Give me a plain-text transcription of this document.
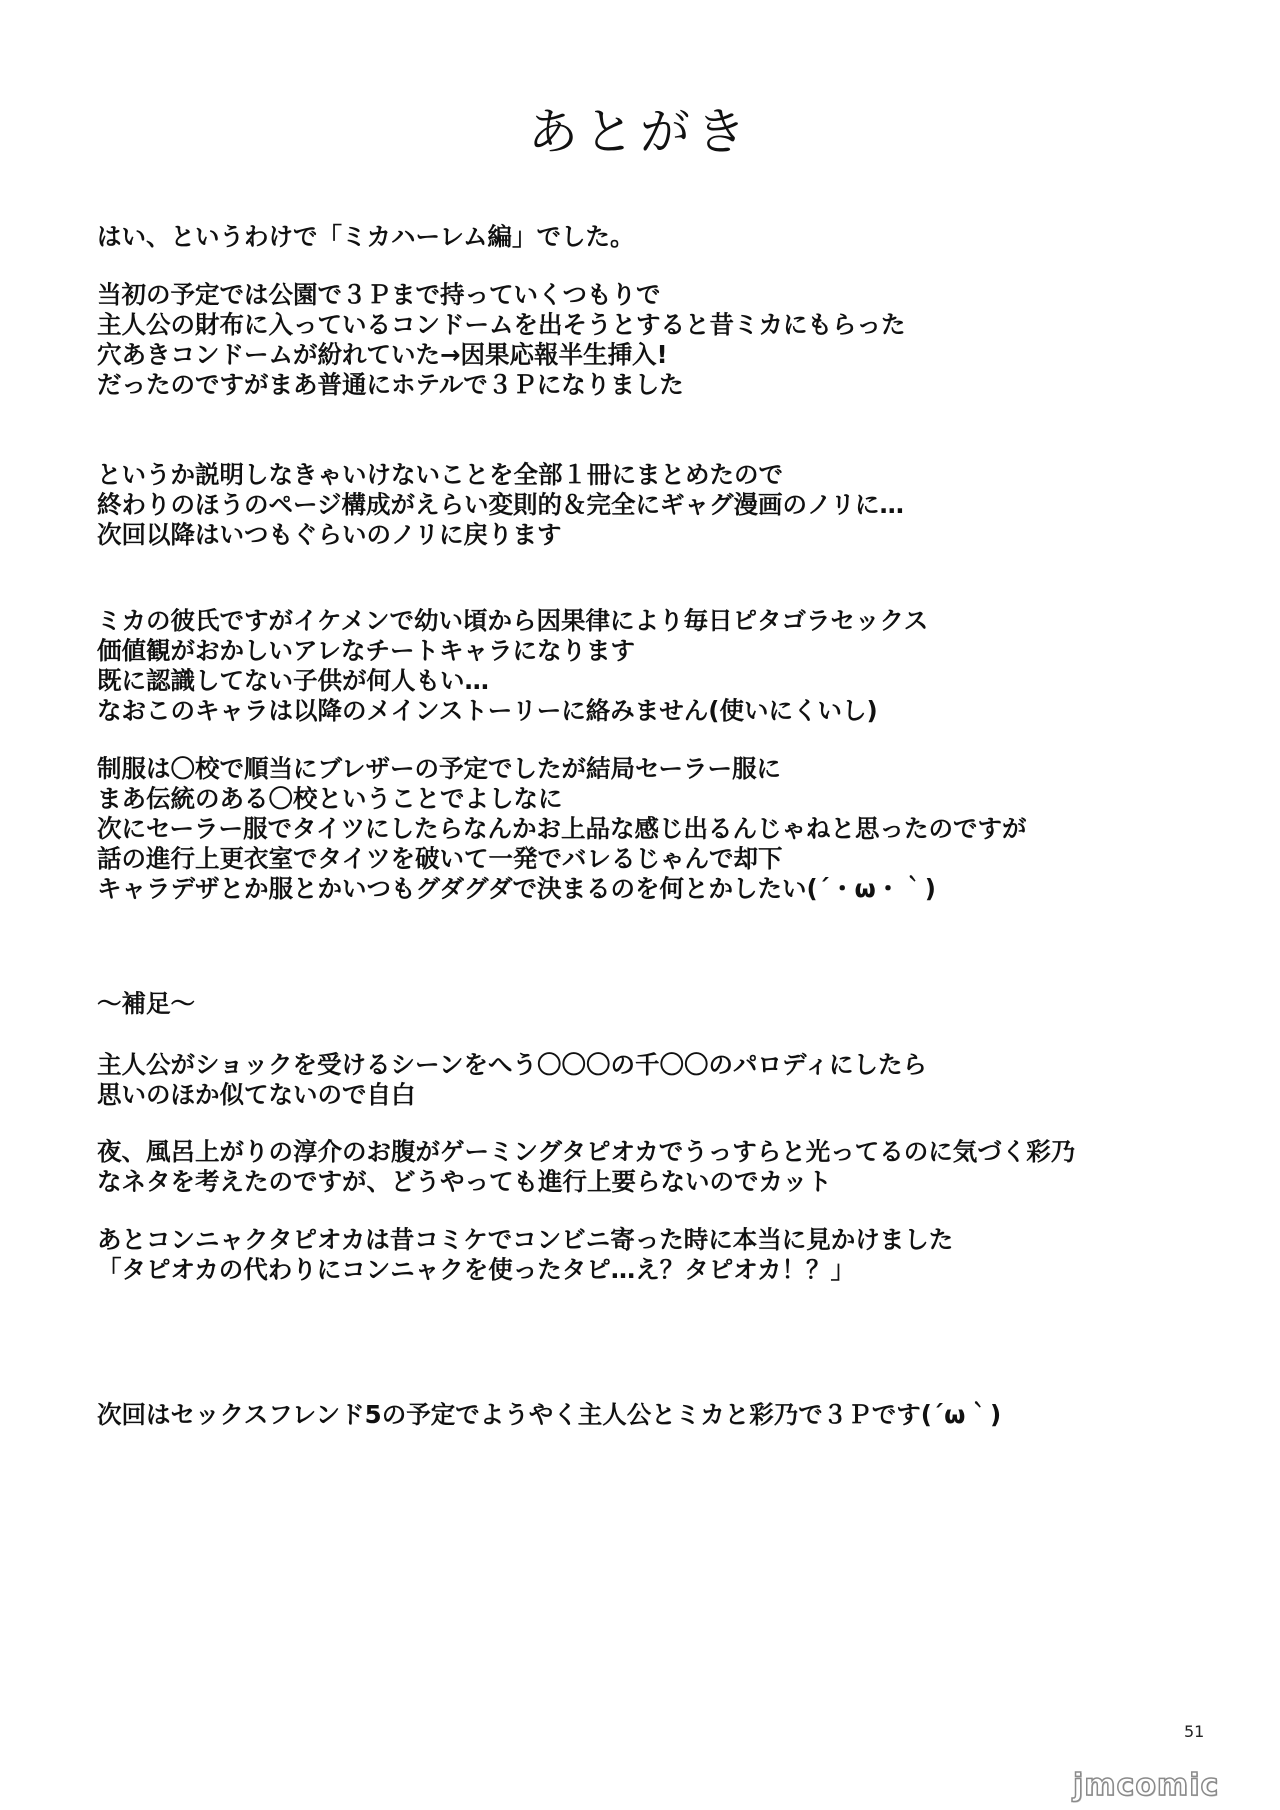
あとがき
はい、というわけで「ミカハーレム編」でした。
当初の予定では公園で３Ｐまで持っていくつもりで
主人公の財布に入っているコンドームを出そうとすると昔ミカにもらった
穴あきコンドームが紛れていた→因果応報半生挿入!
だったのですがまあ普通にホテルで３Ｐになりました
というか説明しなきゃいけないことを全部１冊にまとめたので
終わりのほうのページ構成がえらい変則的＆完全にギャグ漫画のノリに…
次回以降はいつもぐらいのノリに戻ります
ミカの彼氏ですがイケメンで幼い頃から因果律により毎日ピタゴラセックス
価値観がおかしいアレなチートキャラになります
既に認識してない子供が何人もい…
なおこのキャラは以降のメインストーリーに絡みません(使いにくいし)
制服は〇校で順当にブレザーの予定でしたが結局セーラー服に
まあ伝統のある〇校ということでよしなに
次にセーラー服でタイツにしたらなんかお上品な感じ出るんじゃねと思ったのですが
話の進行上更衣室でタイツを破いて一発でバレるじゃんで却下
キャラデザとか服とかいつもグダグダで決まるのを何とかしたい(´・ω・｀)
～補足～
主人公がショックを受けるシーンをへう〇〇〇の千〇〇のパロディにしたら
思いのほか似てないので自白
夜、風呂上がりの淳介のお腹がゲーミングタピオカでうっすらと光ってるのに気づく彩乃
なネタを考えたのですが、どうやっても進行上要らないのでカット
あとコンニャクタピオカは昔コミケでコンビニ寄った時に本当に見かけました
「タピオカの代わりにコンニャクを使ったタピ…え？タピオカ！？」
次回はセックスフレンド5の予定でようやく主人公とミカと彩乃で３Ｐです(´ω｀)
51
jmcomic
